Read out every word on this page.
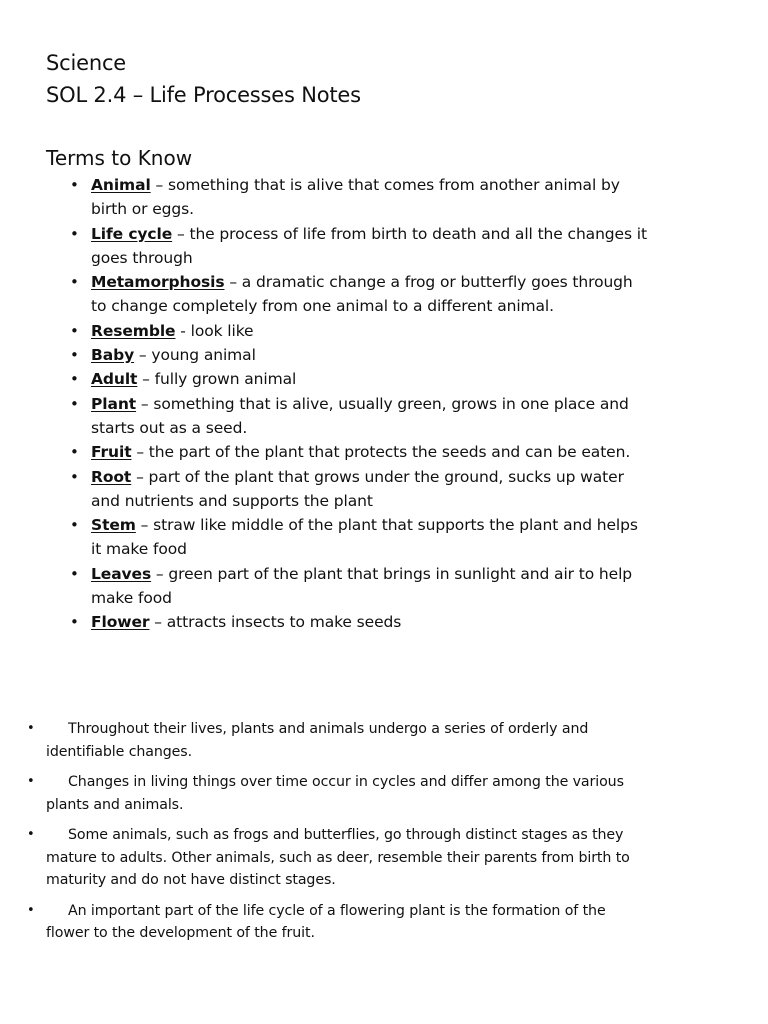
Science
SOL 2.4 – Life Processes Notes
Terms to Know
• Animal – something that is alive that comes from another animal by birth or eggs.
• Life cycle – the process of life from birth to death and all the changes it goes through
• Metamorphosis – a dramatic change a frog or butterfly goes through to change completely from one animal to a different animal.
• Resemble - look like
• Baby – young animal
• Adult – fully grown animal
• Plant – something that is alive, usually green, grows in one place and starts out as a seed.
• Fruit – the part of the plant that protects the seeds and can be eaten.
• Root – part of the plant that grows under the ground, sucks up water and nutrients and supports the plant
• Stem – straw like middle of the plant that supports the plant and helps it make food
• Leaves – green part of the plant that brings in sunlight and air to help make food
• Flower – attracts insects to make seeds
• Throughout their lives, plants and animals undergo a series of orderly and identifiable changes.
• Changes in living things over time occur in cycles and differ among the various plants and animals.
• Some animals, such as frogs and butterflies, go through distinct stages as they mature to adults. Other animals, such as deer, resemble their parents from birth to maturity and do not have distinct stages.
• An important part of the life cycle of a flowering plant is the formation of the flower to the development of the fruit.
